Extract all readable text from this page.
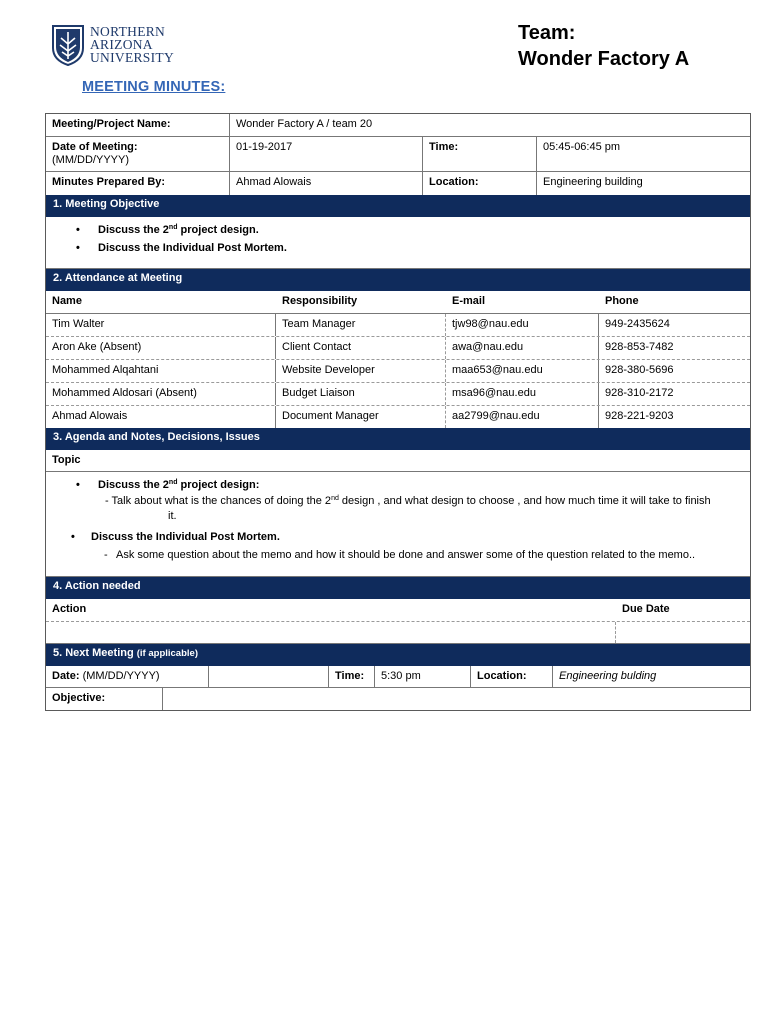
NORTHERN
ARIZONA
UNIVERSITY
Team:
Wonder Factory A
MEETING MINUTES:
Meeting/Project Name:	Wonder Factory A / team 20
Date of Meeting:
(MM/DD/YYYY)
01-19-2017	Time:	05:45-06:45 pm
Minutes Prepared By:	Ahmad Alowais	Location:	Engineering building
1. Meeting Objective
• Discuss the 2nd project design.
• Discuss the Individual Post Mortem.
2. Attendance at Meeting
Name	Responsibility	E-mail	Phone
Tim Walter	Team Manager	tjw98@nau.edu	949-2435624
Aron Ake (Absent)	Client Contact	awa@nau.edu	928-853-7482
Mohammed Alqahtani	Website Developer	maa653@nau.edu	928-380-5696
Mohammed Aldosari (Absent)	Budget Liaison	msa96@nau.edu	928-310-2172
Ahmad Alowais	Document Manager	aa2799@nau.edu	928-221-9203
3. Agenda and Notes, Decisions, Issues
Topic
• Discuss the 2nd project design:
- Talk about what is the chances of doing the 2nd design , and what design to choose , and how much time it will take to finish
it.
• Discuss the Individual Post Mortem.
- Ask some question about the memo and how it should be done and answer some of the question related to the memo..
4. Action needed
Action	Due Date
5. Next Meeting (if applicable)
Date: (MM/DD/YYYY)	Time:	5:30 pm	Location:	Engineering bulding
Objective:
